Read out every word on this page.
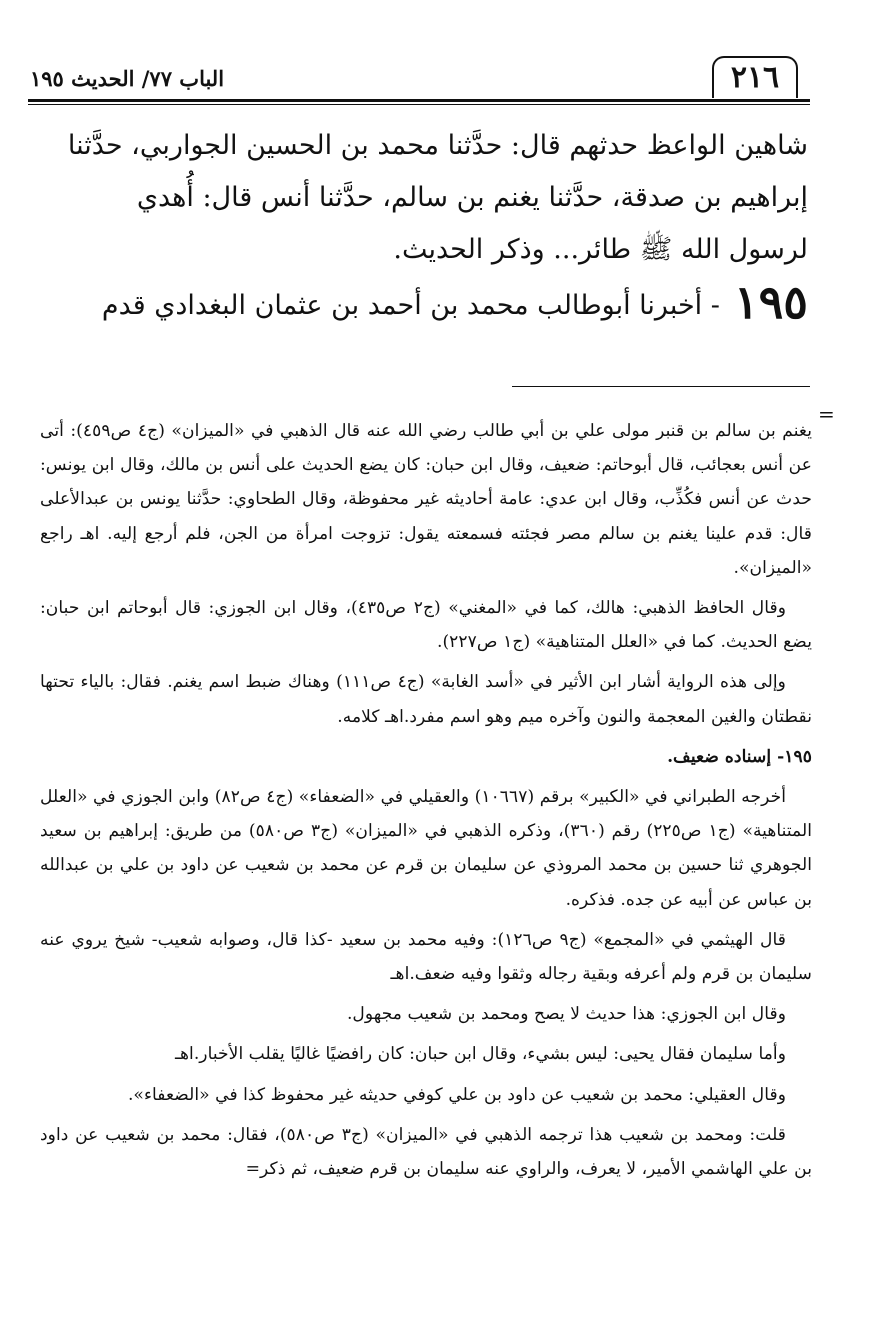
٢١٦
الباب ٧٧/ الحديث ١٩٥

شاهين الواعظ حدثهم قال: حدَّثنا محمد بن الحسين الجواربي، حدَّثنا

إبراهيم بن صدقة، حدَّثنا يغنم بن سالم، حدَّثنا أنس قال: أُهدي

لرسول الله ﷺ طائر... وذكر الحديث.

١٩٥- أخبرنا أبوطالب محمد بن أحمد بن عثمان البغدادي قدم

=

يغنم بن سالم بن قنبر مولى علي بن أبي طالب رضي الله عنه قال الذهبي في «الميزان» (ج٤ ص٤٥٩): أتى عن أنس بعجائب، قال أبوحاتم: ضعيف، وقال ابن حبان: كان يضع الحديث على أنس بن مالك، وقال ابن يونس: حدث عن أنس فكُذِّب، وقال ابن عدي: عامة أحاديثه غير محفوظة، وقال الطحاوي: حدَّثنا يونس بن عبدالأعلى قال: قدم علينا يغنم بن سالم مصر فجئته فسمعته يقول: تزوجت امرأة من الجن، فلم أرجع إليه. اهـ راجع «الميزان».

وقال الحافظ الذهبي: هالك، كما في «المغني» (ج٢ ص٤٣٥)، وقال ابن الجوزي: قال أبوحاتم ابن حبان: يضع الحديث. كما في «العلل المتناهية» (ج١ ص٢٢٧).

وإلى هذه الرواية أشار ابن الأثير في «أسد الغابة» (ج٤ ص١١١) وهناك ضبط اسم يغنم. فقال: بالياء تحتها نقطتان والغين المعجمة والنون وآخره ميم وهو اسم مفرد.اهـ كلامه.

١٩٥- إسناده ضعيف.

أخرجه الطبراني في «الكبير» برقم (١٠٦٦٧) والعقيلي في «الضعفاء» (ج٤ ص٨٢) وابن الجوزي في «العلل المتناهية» (ج١ ص٢٢٥) رقم (٣٦٠)، وذكره الذهبي في «الميزان» (ج٣ ص٥٨٠) من طريق: إبراهيم بن سعيد الجوهري ثنا حسين بن محمد المروذي عن سليمان بن قرم عن محمد بن شعيب عن داود بن علي بن عبدالله بن عباس عن أبيه عن جده. فذكره.

قال الهيثمي في «المجمع» (ج٩ ص١٢٦): وفيه محمد بن سعيد -كذا قال، وصوابه شعيب- شيخ يروي عنه سليمان بن قرم ولم أعرفه وبقية رجاله وثقوا وفيه ضعف.اهـ

وقال ابن الجوزي: هذا حديث لا يصح ومحمد بن شعيب مجهول.

وأما سليمان فقال يحيى: ليس بشيء، وقال ابن حبان: كان رافضيًا غاليًا يقلب الأخبار.اهـ

وقال العقيلي: محمد بن شعيب عن داود بن علي كوفي حديثه غير محفوظ كذا في «الضعفاء».

قلت: ومحمد بن شعيب هذا ترجمه الذهبي في «الميزان» (ج٣ ص٥٨٠)، فقال: محمد بن شعيب عن داود بن علي الهاشمي الأمير، لا يعرف، والراوي عنه سليمان بن قرم ضعيف، ثم ذكر=
